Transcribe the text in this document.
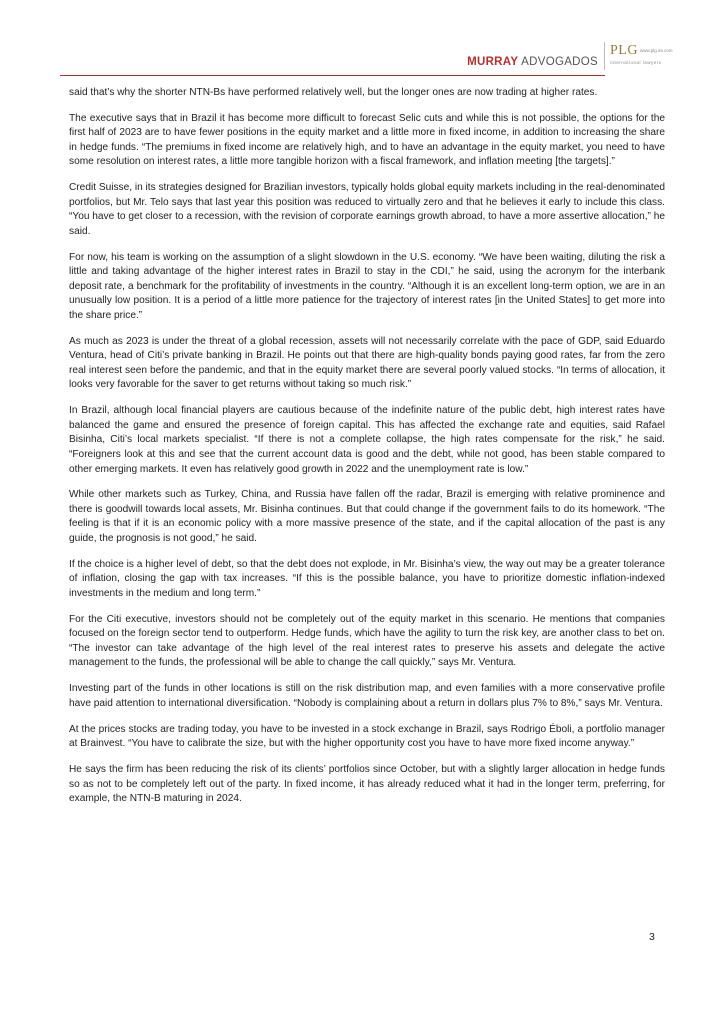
MURRAY ADVOGADOS
PLG www.plg.int.com
international lawyers

said that’s why the shorter NTN-Bs have performed relatively well, but the longer ones are now trading at higher rates.

The executive says that in Brazil it has become more difficult to forecast Selic cuts and while this is not possible, the options for the first half of 2023 are to have fewer positions in the equity market and a little more in fixed income, in addition to increasing the share in hedge funds. “The premiums in fixed income are relatively high, and to have an advantage in the equity market, you need to have some resolution on interest rates, a little more tangible horizon with a fiscal framework, and inflation meeting [the targets].”

Credit Suisse, in its strategies designed for Brazilian investors, typically holds global equity markets including in the real-denominated portfolios, but Mr. Telo says that last year this position was reduced to virtually zero and that he believes it early to include this class. “You have to get closer to a recession, with the revision of corporate earnings growth abroad, to have a more assertive allocation,” he said.

For now, his team is working on the assumption of a slight slowdown in the U.S. economy. “We have been waiting, diluting the risk a little and taking advantage of the higher interest rates in Brazil to stay in the CDI,” he said, using the acronym for the interbank deposit rate, a benchmark for the profitability of investments in the country. “Although it is an excellent long-term option, we are in an unusually low position. It is a period of a little more patience for the trajectory of interest rates [in the United States] to get more into the share price.”

As much as 2023 is under the threat of a global recession, assets will not necessarily correlate with the pace of GDP, said Eduardo Ventura, head of Citi’s private banking in Brazil. He points out that there are high-quality bonds paying good rates, far from the zero real interest seen before the pandemic, and that in the equity market there are several poorly valued stocks. “In terms of allocation, it looks very favorable for the saver to get returns without taking so much risk.”

In Brazil, although local financial players are cautious because of the indefinite nature of the public debt, high interest rates have balanced the game and ensured the presence of foreign capital. This has affected the exchange rate and equities, said Rafael Bisinha, Citi’s local markets specialist. “If there is not a complete collapse, the high rates compensate for the risk,” he said. “Foreigners look at this and see that the current account data is good and the debt, while not good, has been stable compared to other emerging markets. It even has relatively good growth in 2022 and the unemployment rate is low.”

While other markets such as Turkey, China, and Russia have fallen off the radar, Brazil is emerging with relative prominence and there is goodwill towards local assets, Mr. Bisinha continues. But that could change if the government fails to do its homework. “The feeling is that if it is an economic policy with a more massive presence of the state, and if the capital allocation of the past is any guide, the prognosis is not good,” he said.

If the choice is a higher level of debt, so that the debt does not explode, in Mr. Bisinha’s view, the way out may be a greater tolerance of inflation, closing the gap with tax increases. “If this is the possible balance, you have to prioritize domestic inflation-indexed investments in the medium and long term.”

For the Citi executive, investors should not be completely out of the equity market in this scenario. He mentions that companies focused on the foreign sector tend to outperform. Hedge funds, which have the agility to turn the risk key, are another class to bet on. “The investor can take advantage of the high level of the real interest rates to preserve his assets and delegate the active management to the funds, the professional will be able to change the call quickly,” says Mr. Ventura.

Investing part of the funds in other locations is still on the risk distribution map, and even families with a more conservative profile have paid attention to international diversification. “Nobody is complaining about a return in dollars plus 7% to 8%,” says Mr. Ventura.

At the prices stocks are trading today, you have to be invested in a stock exchange in Brazil, says Rodrigo Éboli, a portfolio manager at Brainvest. “You have to calibrate the size, but with the higher opportunity cost you have to have more fixed income anyway.”

He says the firm has been reducing the risk of its clients’ portfolios since October, but with a slightly larger allocation in hedge funds so as not to be completely left out of the party. In fixed income, it has already reduced what it had in the longer term, preferring, for example, the NTN-B maturing in 2024.

3
